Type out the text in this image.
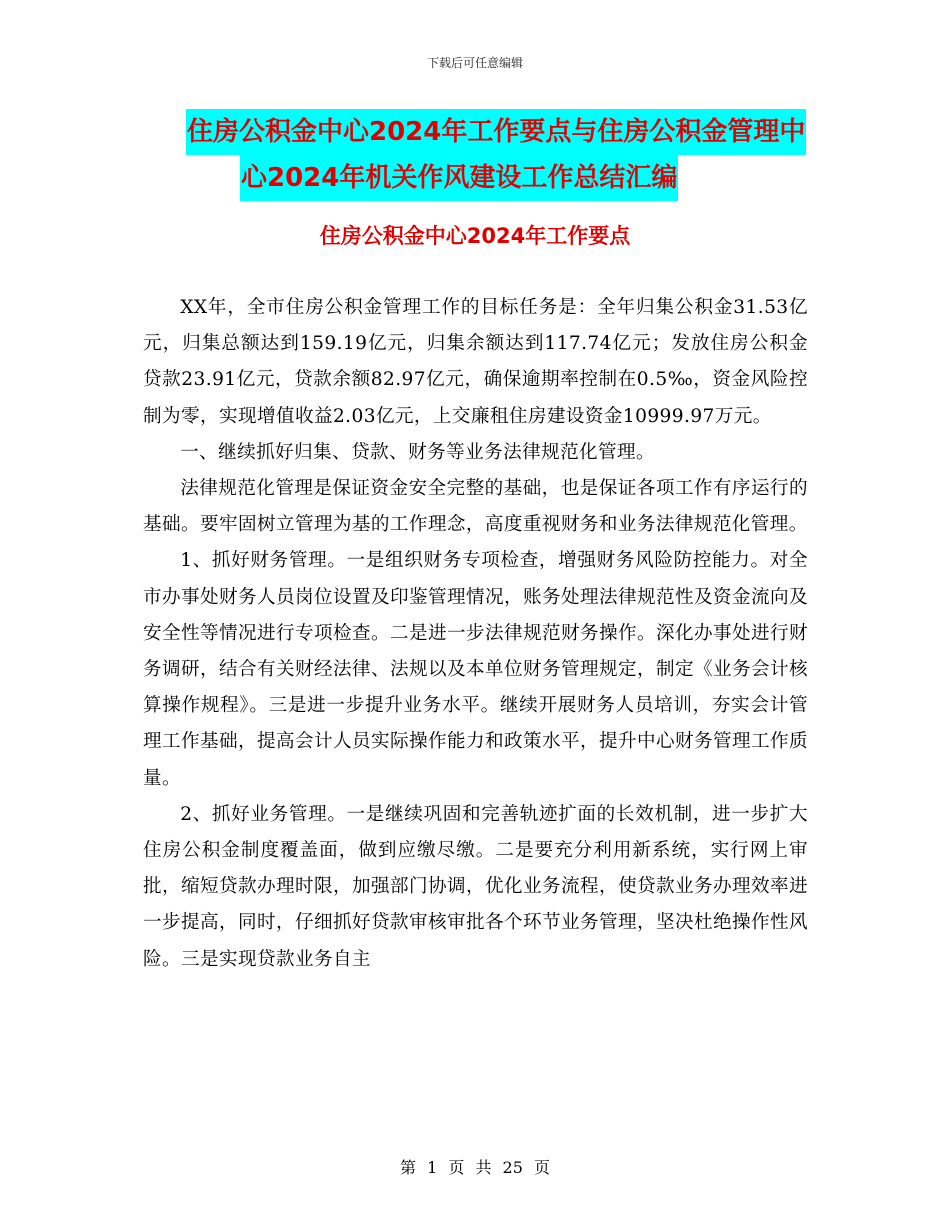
下载后可任意编辑
住房公积金中心2024年工作要点与住房公积金管理中
心2024年机关作风建设工作总结汇编
住房公积金中心2024年工作要点

XX年，全市住房公积金管理工作的目标任务是：全年归集公积金31.53亿元，归集总额达到159.19亿元，归集余额达到117.74亿元；发放住房公积金贷款23.91亿元，贷款余额82.97亿元，确保逾期率控制在0.5‰，资金风险控制为零，实现增值收益2.03亿元，上交廉租住房建设资金10999.97万元。

一、继续抓好归集、贷款、财务等业务法律规范化管理。

法律规范化管理是保证资金安全完整的基础，也是保证各项工作有序运行的基础。要牢固树立管理为基的工作理念，高度重视财务和业务法律规范化管理。

1、抓好财务管理。一是组织财务专项检查，增强财务风险防控能力。对全市办事处财务人员岗位设置及印鉴管理情况，账务处理法律规范性及资金流向及安全性等情况进行专项检查。二是进一步法律规范财务操作。深化办事处进行财务调研，结合有关财经法律、法规以及本单位财务管理规定，制定《业务会计核算操作规程》。三是进一步提升业务水平。继续开展财务人员培训，夯实会计管理工作基础，提高会计人员实际操作能力和政策水平，提升中心财务管理工作质量。

2、抓好业务管理。一是继续巩固和完善轨迹扩面的长效机制，进一步扩大住房公积金制度覆盖面，做到应缴尽缴。二是要充分利用新系统，实行网上审批，缩短贷款办理时限，加强部门协调，优化业务流程，使贷款业务办理效率进一步提高，同时，仔细抓好贷款审核审批各个环节业务管理，坚决杜绝操作性风险。三是实现贷款业务自主

第 1 页 共 25 页
